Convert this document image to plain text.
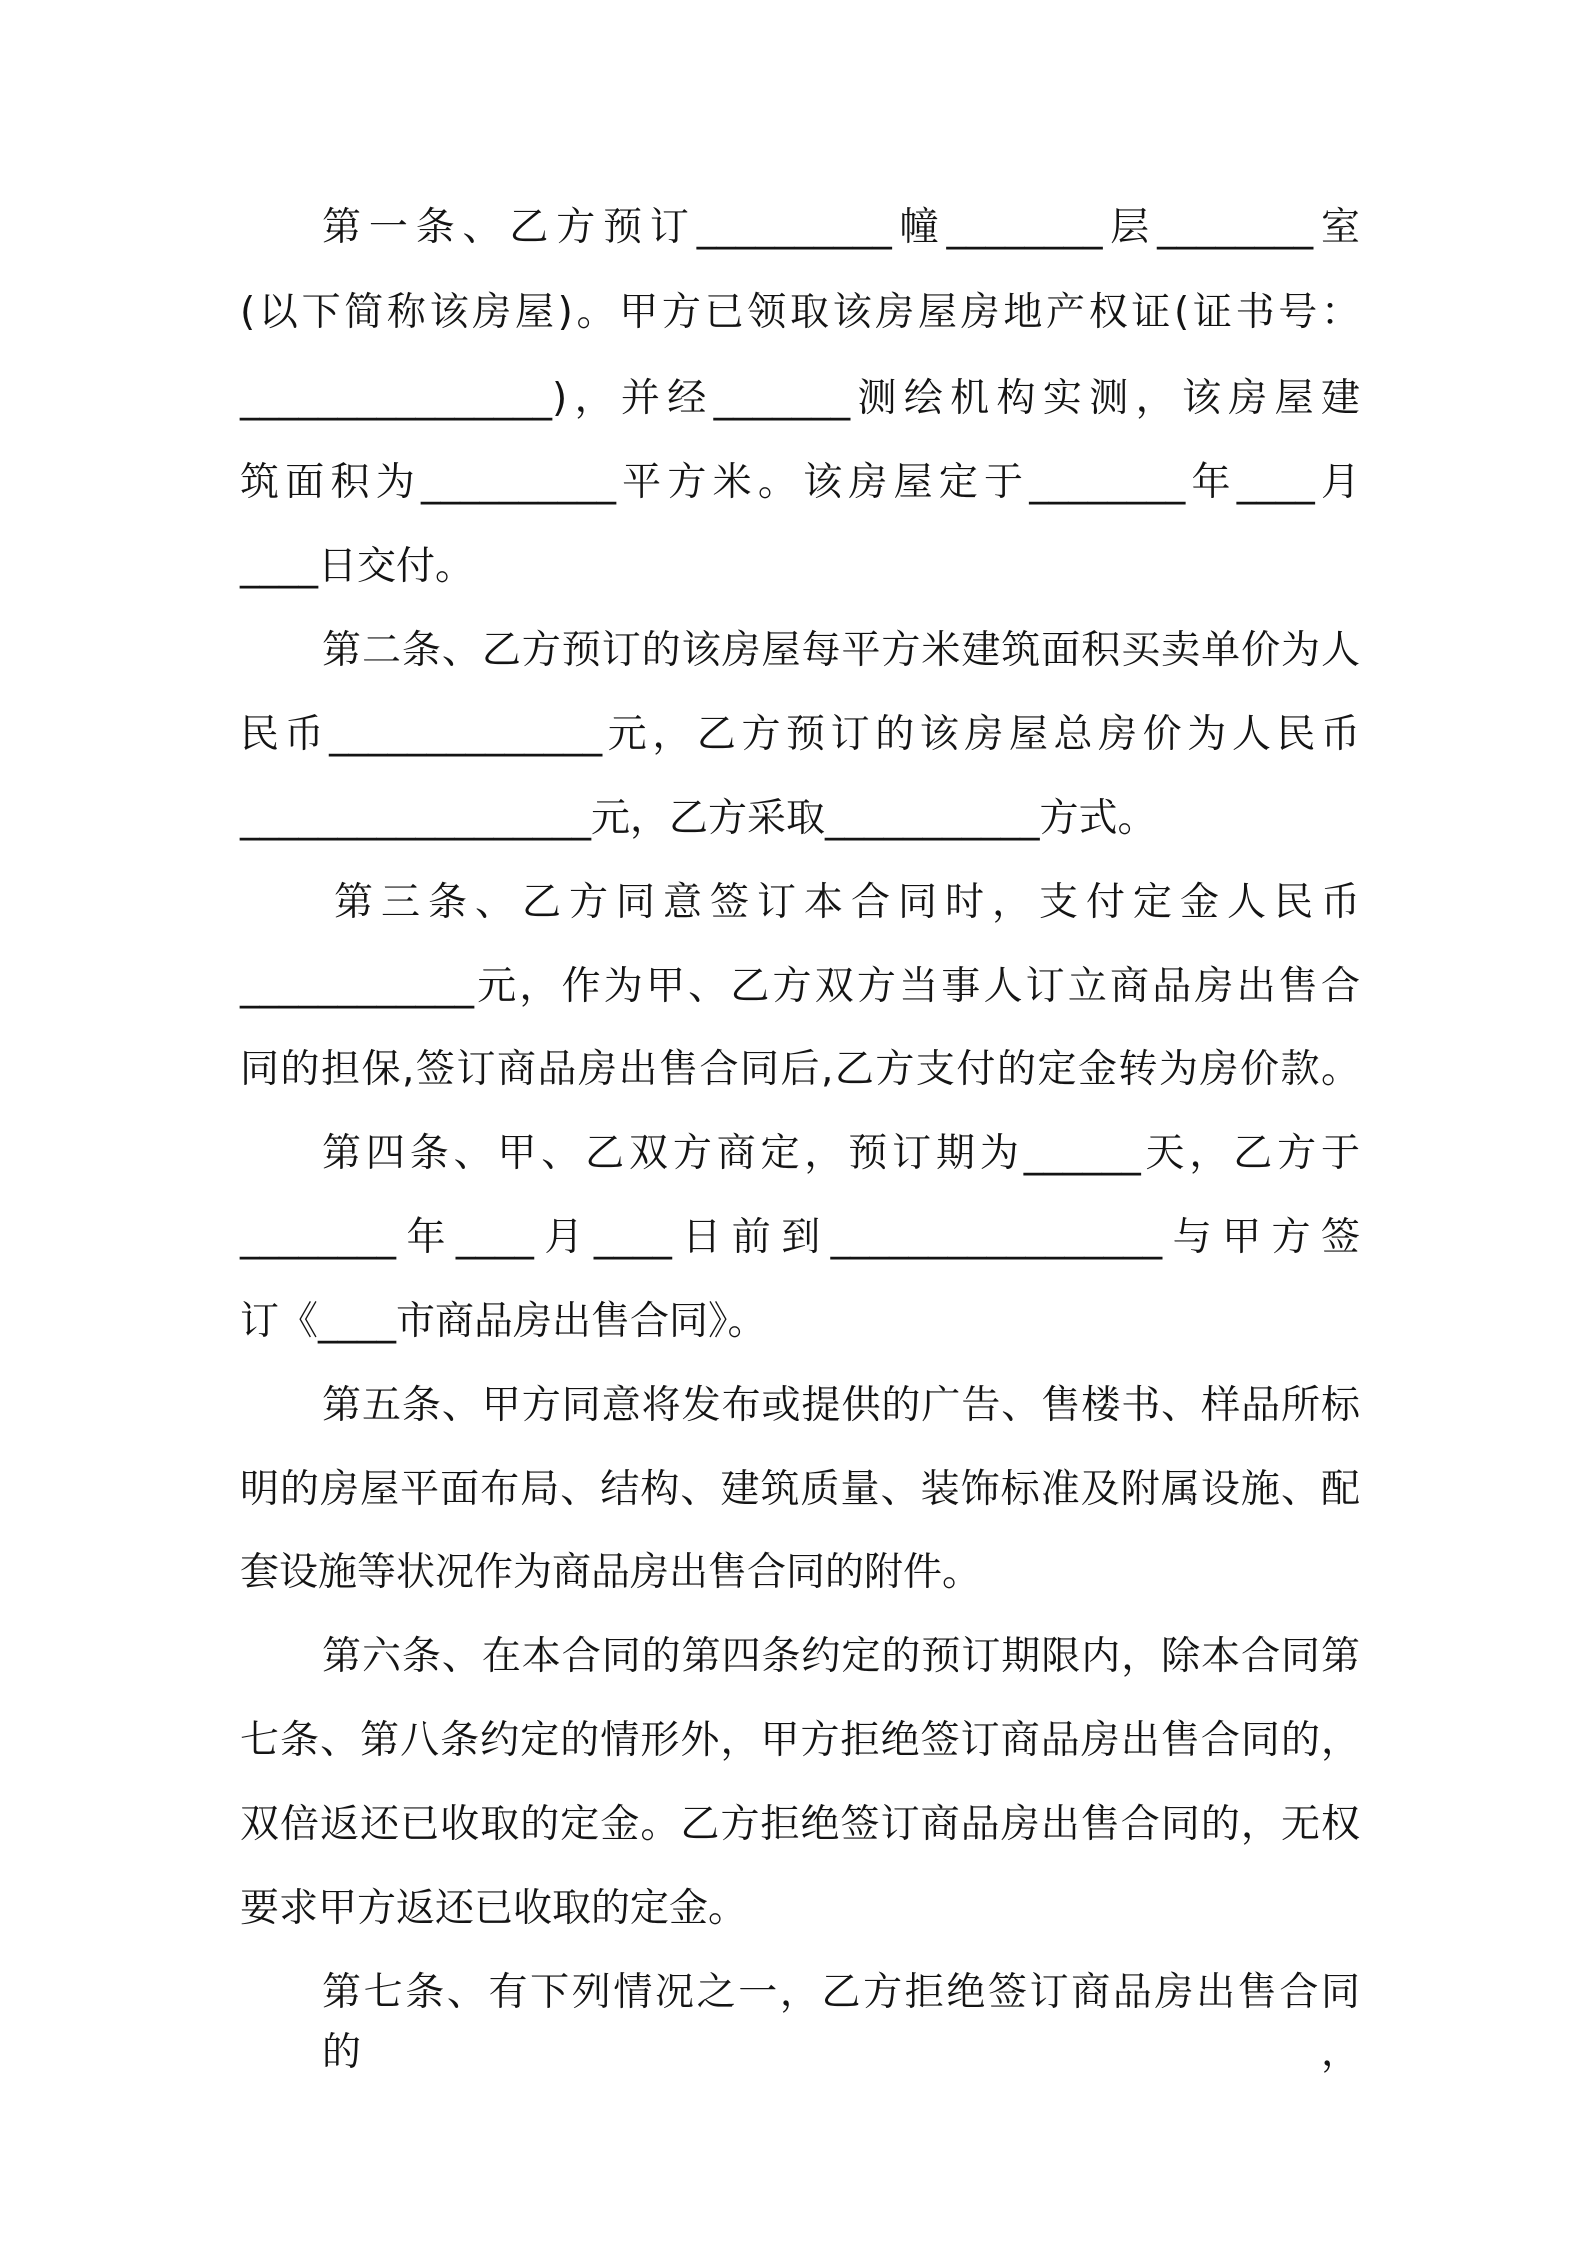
第一条、乙方预订__________幢________层________室
(以下简称该房屋)。甲方已领取该房屋房地产权证(证书号：
________________)，并经_______测绘机构实测，该房屋建
筑面积为__________平方米。该房屋定于________年____月
____日交付。
第二条、乙方预订的该房屋每平方米建筑面积买卖单价为人
民币______________元，乙方预订的该房屋总房价为人民币
__________________元，乙方采取___________方式。
第三条、乙方同意签订本合同时，支付定金人民币
____________元，作为甲、乙方双方当事人订立商品房出售合
同的担保,签订商品房出售合同后,乙方支付的定金转为房价款。
第四条、甲、乙双方商定，预订期为______天，乙方于
________年____月____日前到_________________与甲方签
订《____市商品房出售合同》。
第五条、甲方同意将发布或提供的广告、售楼书、样品所标
明的房屋平面布局、结构、建筑质量、装饰标准及附属设施、配
套设施等状况作为商品房出售合同的附件。
第六条、在本合同的第四条约定的预订期限内，除本合同第
七条、第八条约定的情形外，甲方拒绝签订商品房出售合同的，
双倍返还已收取的定金。乙方拒绝签订商品房出售合同的，无权
要求甲方返还已收取的定金。
第七条、有下列情况之一，乙方拒绝签订商品房出售合同的，
